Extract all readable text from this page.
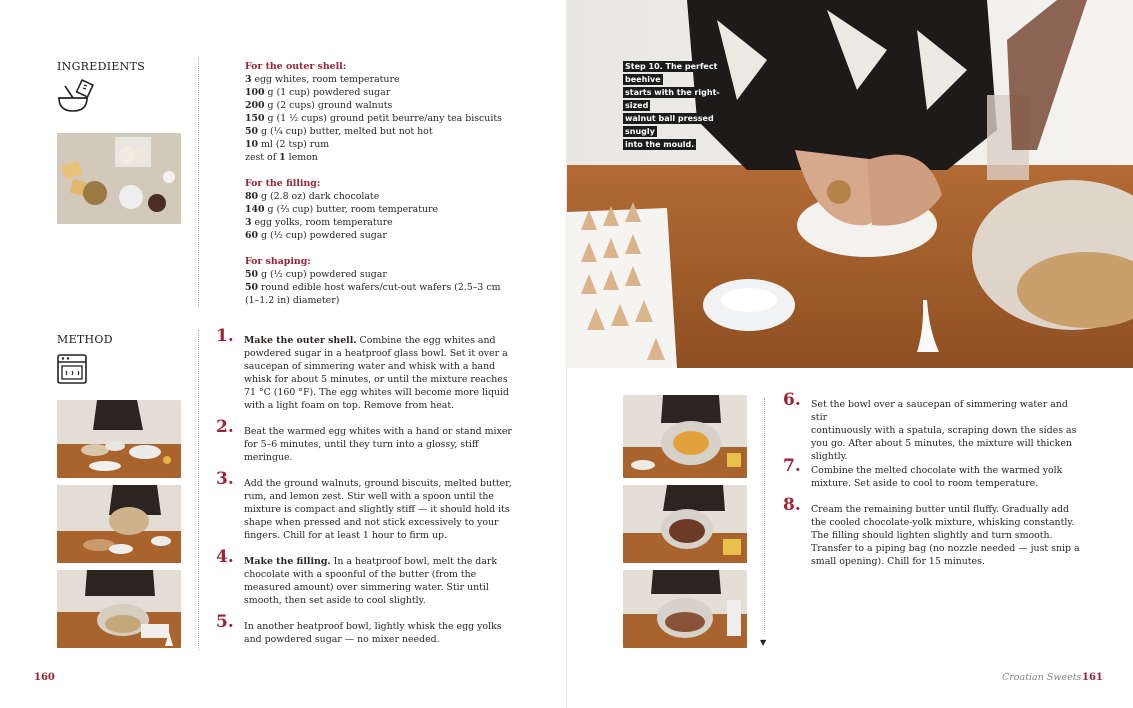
INGREDIENTS
METHOD

For the outer shell:

3 egg whites, room temperature

100 g (1 cup) powdered sugar

200 g (2 cups) ground walnuts

150 g (1 ½ cups) ground petit beurre/any tea biscuits

50 g (¼ cup) butter, melted but not hot

10 ml (2 tsp) rum

zest of 1 lemon

For the filling:

80 g (2.8 oz) dark chocolate

140 g (⅔ cup) butter, room temperature

3 egg yolks, room temperature

60 g (½ cup) powdered sugar

For shaping:

50 g (½ cup) powdered sugar

50 round edible host wafers/cut-out wafers (2.5–3 cm

(1–1.2 in) diameter)

1. Make the outer shell. Combine the egg whites and
powdered sugar in a heatproof glass bowl. Set it over a
saucepan of simmering water and whisk with a hand
whisk for about 5 minutes, or until the mixture reaches
71 °C (160 °F). The egg whites will become more liquid
with a light foam on top. Remove from heat.
2. Beat the warmed egg whites with a hand or stand mixer
for 5–6 minutes, until they turn into a glossy, stiff
meringue.
3. Add the ground walnuts, ground biscuits, melted butter,
rum, and lemon zest. Stir well with a spoon until the
mixture is compact and slightly stiff — it should hold its
shape when pressed and not stick excessively to your
fingers. Chill for at least 1 hour to firm up.
4. Make the filling. In a heatproof bowl, melt the dark
chocolate with a spoonful of the butter (from the
measured amount) over simmering water. Stir until
smooth, then set aside to cool slightly.
5. In another heatproof bowl, lightly whisk the egg yolks
and powdered sugar — no mixer needed.
Step 10. The perfect beehive
starts with the right-sized
walnut ball pressed snugly
into the mould.
▼
6. Set the bowl over a saucepan of simmering water and stir
continuously with a spatula, scraping down the sides as
you go. After about 5 minutes, the mixture will thicken
slightly.
7. Combine the melted chocolate with the warmed yolk
mixture. Set aside to cool to room temperature.
8. Cream the remaining butter until fluffy. Gradually add
the cooled chocolate-yolk mixture, whisking constantly.
The filling should lighten slightly and turn smooth.
Transfer to a piping bag (no nozzle needed — just snip a
small opening). Chill for 15 minutes.
160	Croatian Sweets 161
